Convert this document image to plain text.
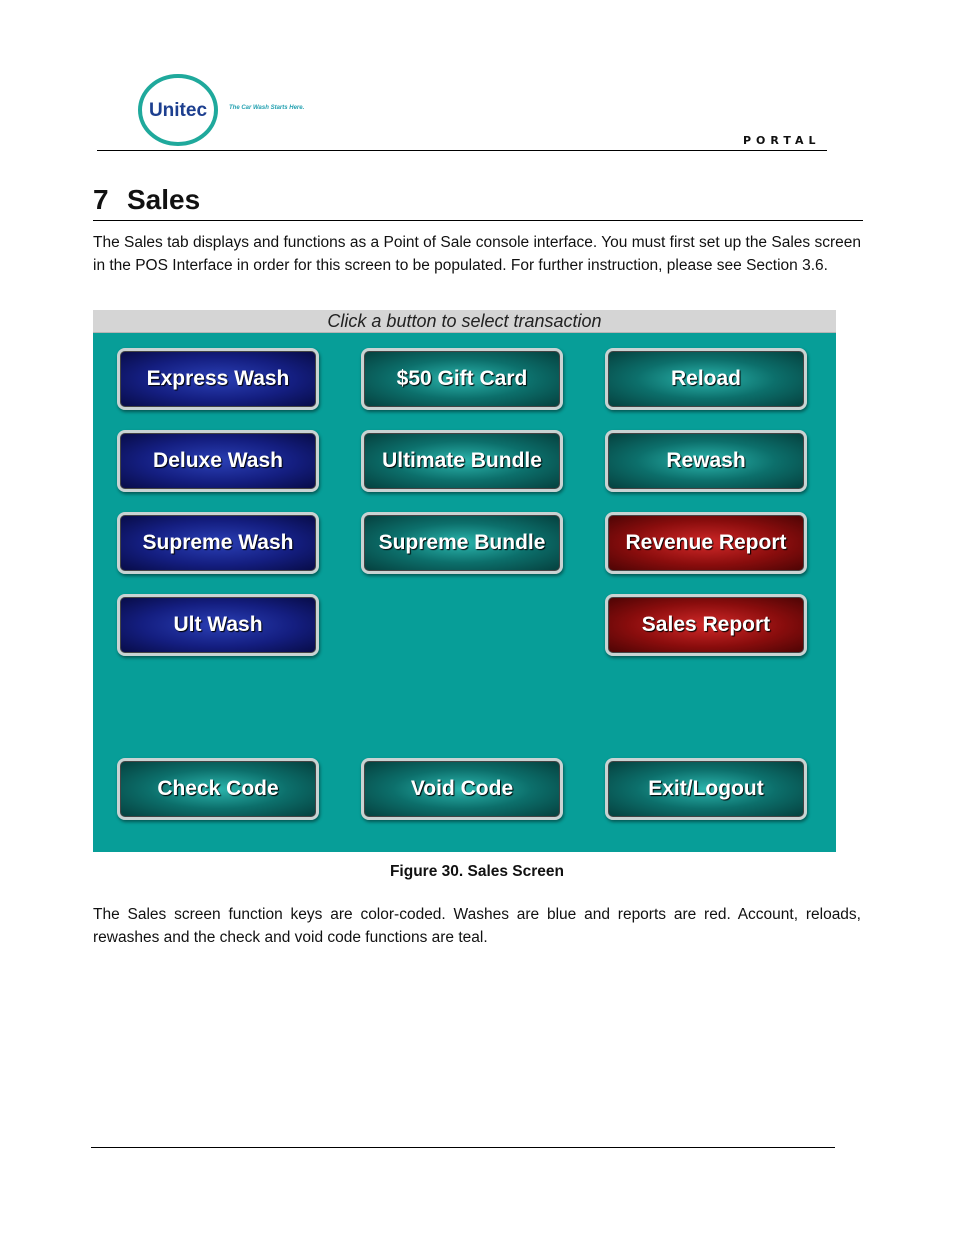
Unitec	The Car Wash Starts Here.
PORTAL
7 Sales

The Sales tab displays and functions as a Point of Sale console interface. You must first set up the Sales screen in the POS Interface in order for this screen to be populated. For further instruction, please see Section 3.6.

Click a button to select transaction
Express Wash	$50 Gift Card	Reload
Deluxe Wash	Ultimate Bundle	Rewash
Supreme Wash	Supreme Bundle	Revenue Report
Ult Wash	Sales Report
Check Code	Void Code	Exit/Logout

Figure 30. Sales Screen

The Sales screen function keys are color-coded. Washes are blue and reports are red. Account, reloads, rewashes and the check and void code functions are teal.
